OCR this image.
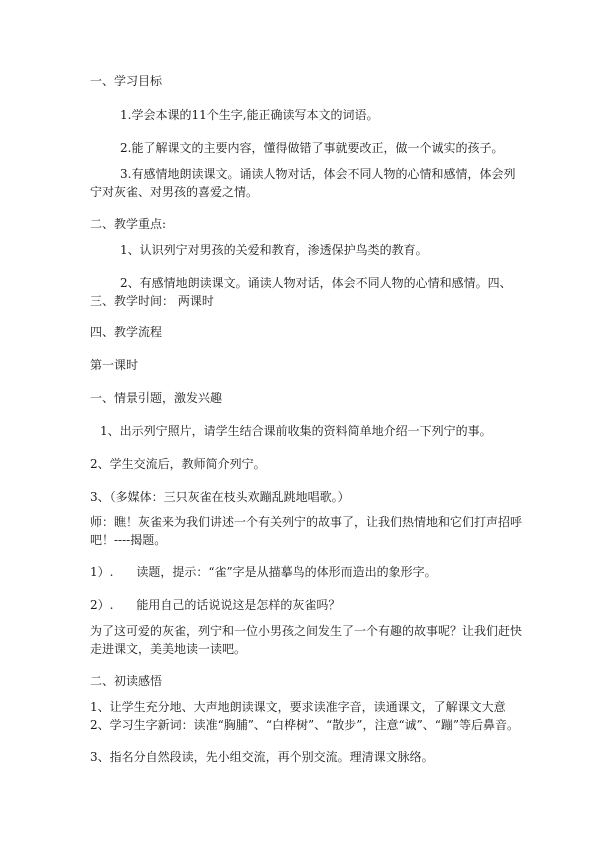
一、学习目标
1.学会本课的11个生字,能正确读写本文的词语。
2.能了解课文的主要内容，懂得做错了事就要改正，做一个诚实的孩子。
3.有感情地朗读课文。诵读人物对话，体会不同人物的心情和感情，体会列宁对灰雀、对男孩的喜爱之情。
二、教学重点:
1、认识列宁对男孩的关爱和教育，渗透保护鸟类的教育。
2、有感情地朗读课文。诵读人物对话，体会不同人物的心情和感情。四、三、教学时间： 两课时
四、教学流程
第一课时
一、情景引题，激发兴趣
1、出示列宁照片，请学生结合课前收集的资料简单地介绍一下列宁的事。
2、学生交流后，教师简介列宁。
3、（多媒体：三只灰雀在枝头欢蹦乱跳地唱歌。）
师：瞧！灰雀来为我们讲述一个有关列宁的故事了，让我们热情地和它们打声招呼吧！----揭题。
1）.      读题，提示：“雀”字是从描摹鸟的体形而造出的象形字。
2）.      能用自己的话说说这是怎样的灰雀吗？
为了这可爱的灰雀，列宁和一位小男孩之间发生了一个有趣的故事呢？让我们赶快走进课文，美美地读一读吧。
二、初读感悟
1、让学生充分地、大声地朗读课文，要求读准字音，读通课文，了解课文大意 2、学习生字新词：读准“胸脯”、“白桦树”、“散步”，注意“诚”、“蹦”等后鼻音。
3、指名分自然段读，先小组交流，再个别交流。理清课文脉络。
